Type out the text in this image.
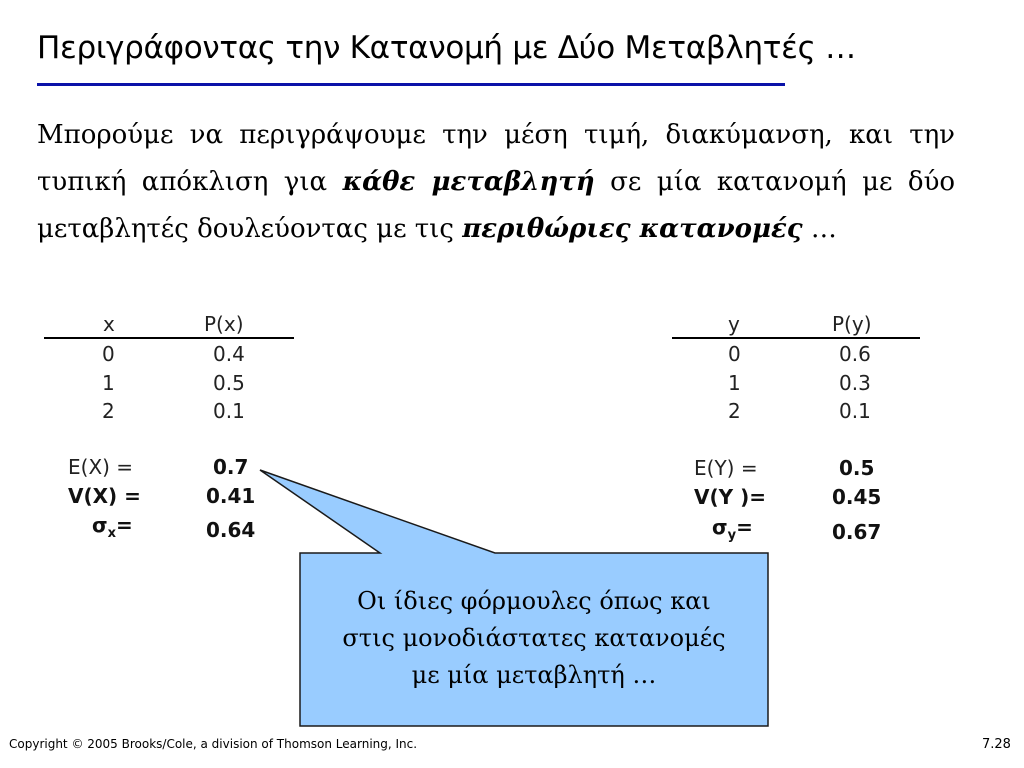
Περιγράφοντας την Κατανομή με Δύο Μεταβλητές …
Μπορούμε να περιγράψουμε την μέση τιμή, διακύμανση, και την τυπική απόκλιση για κάθε μεταβλητή σε μία κατανομή με δύο μεταβλητές δουλεύοντας με τις περιθώριες κατανομές …
x	P(x)
0	0.4
1	0.5
2	0.1
E(X) =	0.7
V(X) =	0.41
$\sigma_x=$	0.64
y	P(y)
0	0.6
1	0.3
2	0.1
E(Y) =	0.5
V(Y )=	0.45
$\sigma_y=$	0.67
Οι ίδιες φόρμουλες όπως και
στις μονοδιάστατες κατανομές
με μία μεταβλητή …
Copyright © 2005 Brooks/Cole, a division of Thomson Learning, Inc.	7.28
